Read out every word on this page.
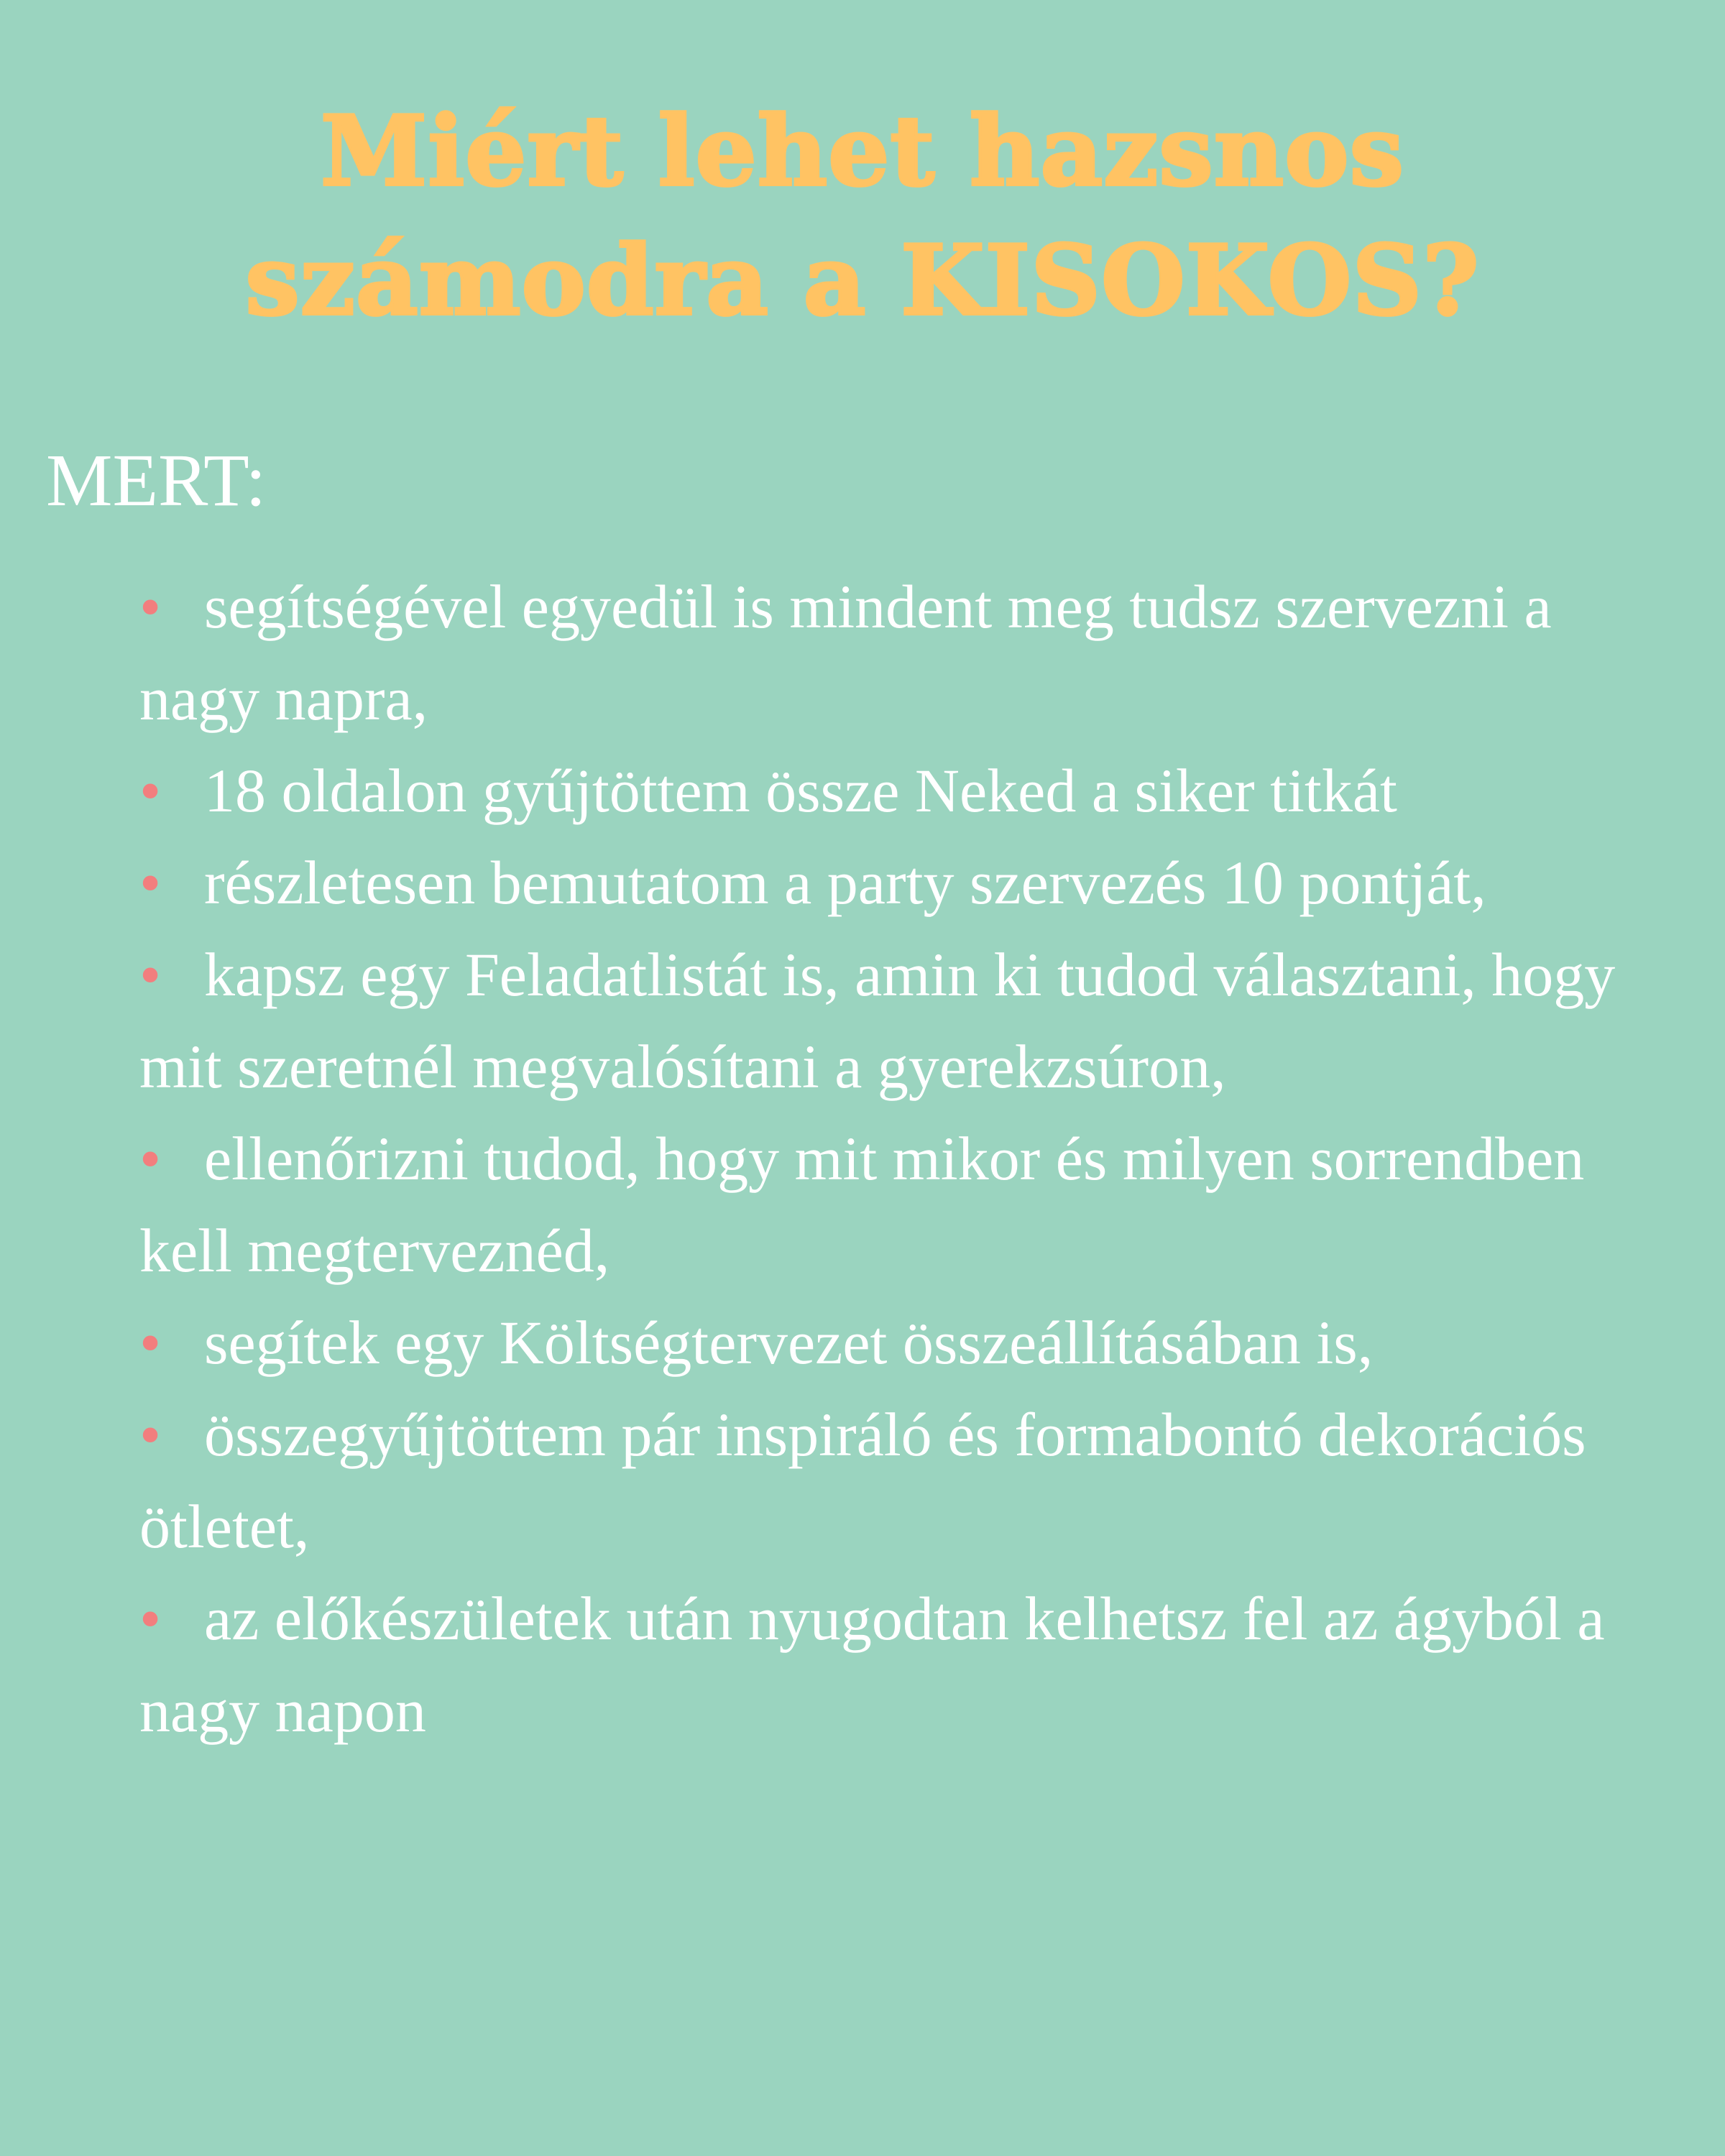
Miért lehet hazsnos
számodra a KISOKOS?

MERT:

• segítségével egyedül is mindent meg tudsz szervezni a nagy napra,
• 18 oldalon gyűjtöttem össze Neked a siker titkát
• részletesen bemutatom a party szervezés 10 pontját,
• kapsz egy Feladatlistát is, amin ki tudod választani, hogy mit szeretnél megvalósítani a gyerekzsúron,
• ellenőrizni tudod, hogy mit mikor és milyen sorrendben kell megterveznéd,
• segítek egy Költségtervezet összeállításában is,
• összegyűjtöttem pár inspiráló és formabontó dekorációs ötletet,
• az előkészületek után nyugodtan kelhetsz fel az ágyból a nagy napon
